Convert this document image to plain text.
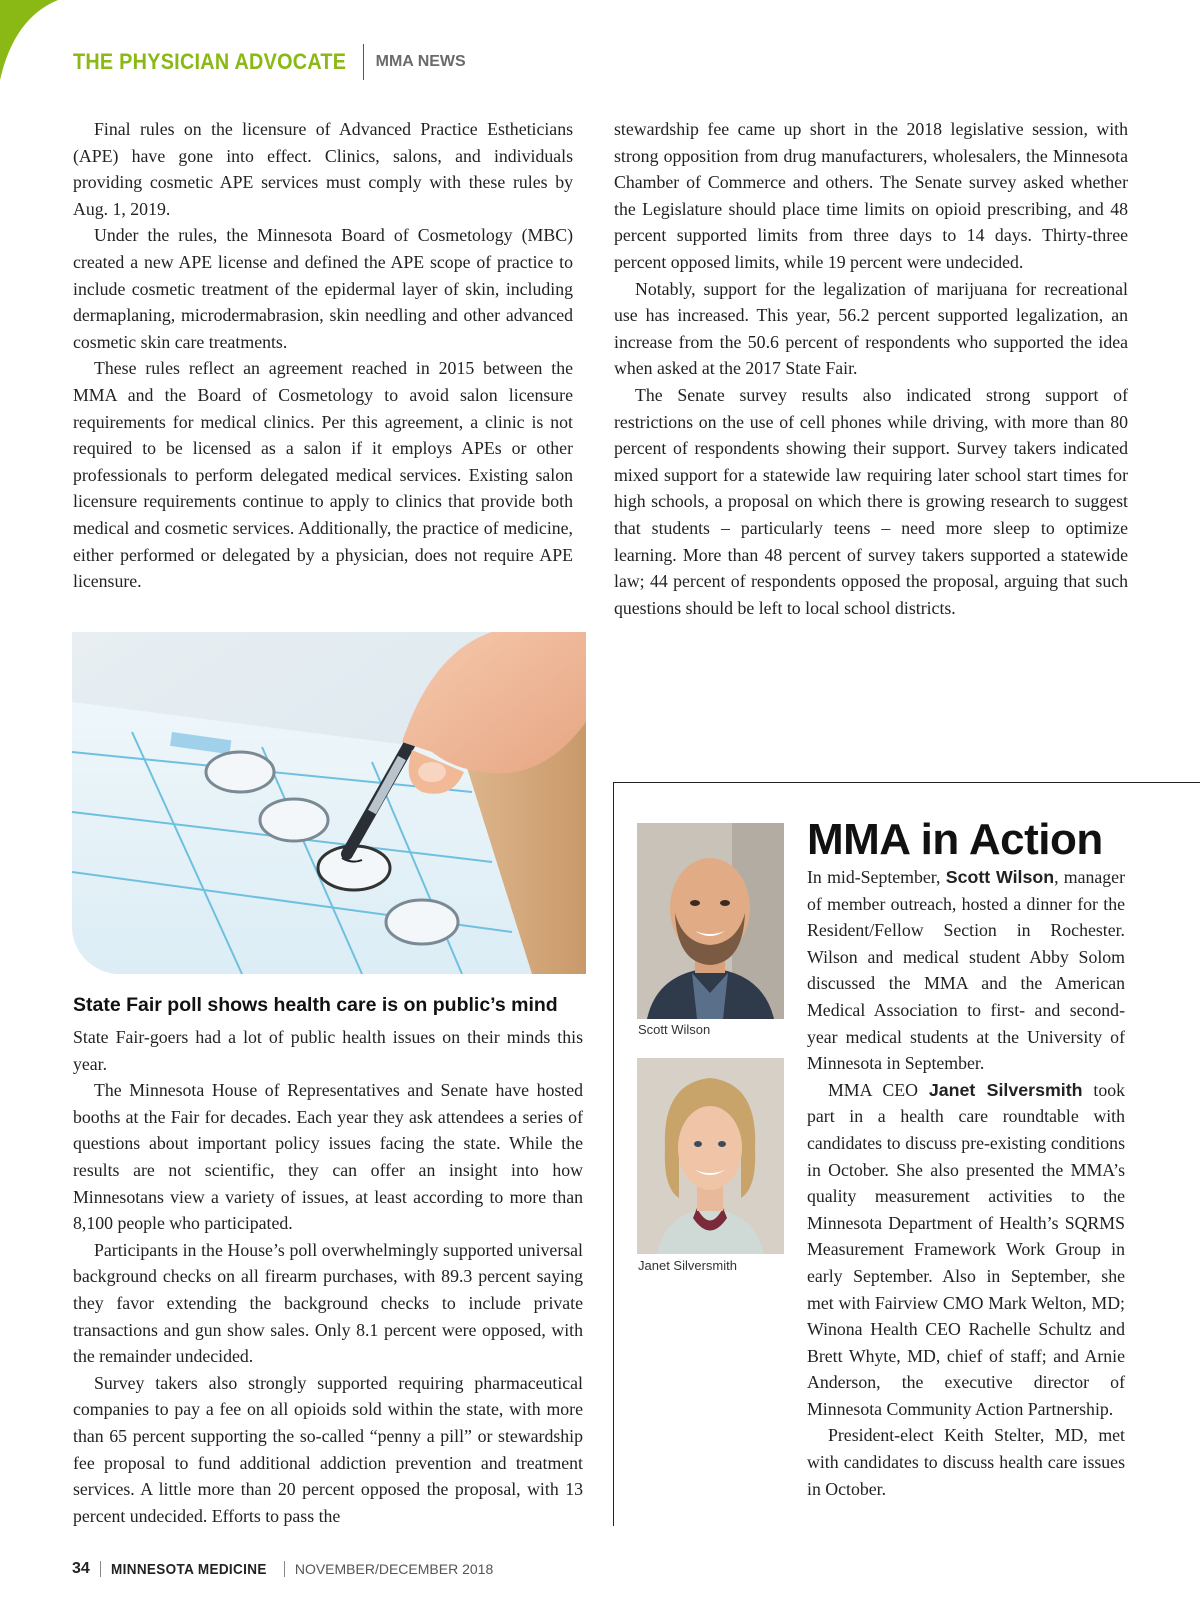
THE PHYSICIAN ADVOCATE MMA NEWS

Final rules on the licensure of Advanced Practice Estheticians (APE) have gone into effect. Clinics, salons, and individuals providing cosmetic APE services must comply with these rules by Aug. 1, 2019.

Under the rules, the Minnesota Board of Cosmetology (MBC) created a new APE license and defined the APE scope of practice to include cosmetic treatment of the epidermal layer of skin, including dermaplaning, microdermabrasion, skin needling and other advanced cosmetic skin care treatments.

These rules reflect an agreement reached in 2015 between the MMA and the Board of Cosmetology to avoid salon licensure requirements for medical clinics. Per this agreement, a clinic is not required to be licensed as a salon if it employs APEs or other professionals to perform delegated medical services. Existing salon licensure requirements continue to apply to clinics that provide both medical and cosmetic services. Additionally, the practice of medicine, either performed or delegated by a physician, does not require APE licensure.

stewardship fee came up short in the 2018 legislative session, with strong opposition from drug manufacturers, wholesalers, the Minnesota Chamber of Commerce and others. The Senate survey asked whether the Legislature should place time limits on opioid prescribing, and 48 percent supported limits from three days to 14 days. Thirty-three percent opposed limits, while 19 percent were undecided.

Notably, support for the legalization of marijuana for recreational use has increased. This year, 56.2 percent supported legalization, an increase from the 50.6 percent of respondents who supported the idea when asked at the 2017 State Fair.

The Senate survey results also indicated strong support of restrictions on the use of cell phones while driving, with more than 80 percent of respondents showing their support. Survey takers indicated mixed support for a statewide law requiring later school start times for high schools, a proposal on which there is growing research to suggest that students – particularly teens – need more sleep to optimize learning. More than 48 percent of survey takers supported a statewide law; 44 percent of respondents opposed the proposal, arguing that such questions should be left to local school districts.

State Fair poll shows health care is on public’s mind

State Fair-goers had a lot of public health issues on their minds this year.

The Minnesota House of Representatives and Senate have hosted booths at the Fair for decades. Each year they ask attendees a series of questions about important policy issues facing the state. While the results are not scientific, they can offer an insight into how Minnesotans view a variety of issues, at least according to more than 8,100 people who participated.

Participants in the House’s poll overwhelmingly supported universal background checks on all firearm purchases, with 89.3 percent saying they favor extending the background checks to include private transactions and gun show sales. Only 8.1 percent were opposed, with the remainder undecided.

Survey takers also strongly supported requiring pharmaceutical companies to pay a fee on all opioids sold within the state, with more than 65 percent supporting the so-called “penny a pill” or stewardship fee proposal to fund additional addiction prevention and treatment services. A little more than 20 percent opposed the proposal, with 13 percent undecided. Efforts to pass the

Scott Wilson
Janet Silversmith
MMA in Action

In mid-September, Scott Wilson, manager of member outreach, hosted a dinner for the Resident/Fellow Section in Rochester. Wilson and medical student Abby Solom discussed the MMA and the American Medical Association to first- and second-year medical students at the University of Minnesota in September.

MMA CEO Janet Silversmith took part in a health care roundtable with candidates to discuss pre-existing conditions in October. She also presented the MMA’s quality measurement activities to the Minnesota Department of Health’s SQRMS Measurement Framework Work Group in early September. Also in September, she met with Fairview CMO Mark Welton, MD; Winona Health CEO Rachelle Schultz and Brett Whyte, MD, chief of staff; and Arnie Anderson, the executive director of Minnesota Community Action Partnership.

President-elect Keith Stelter, MD, met with candidates to discuss health care issues in October.

34 MINNESOTA MEDICINE NOVEMBER/DECEMBER 2018
